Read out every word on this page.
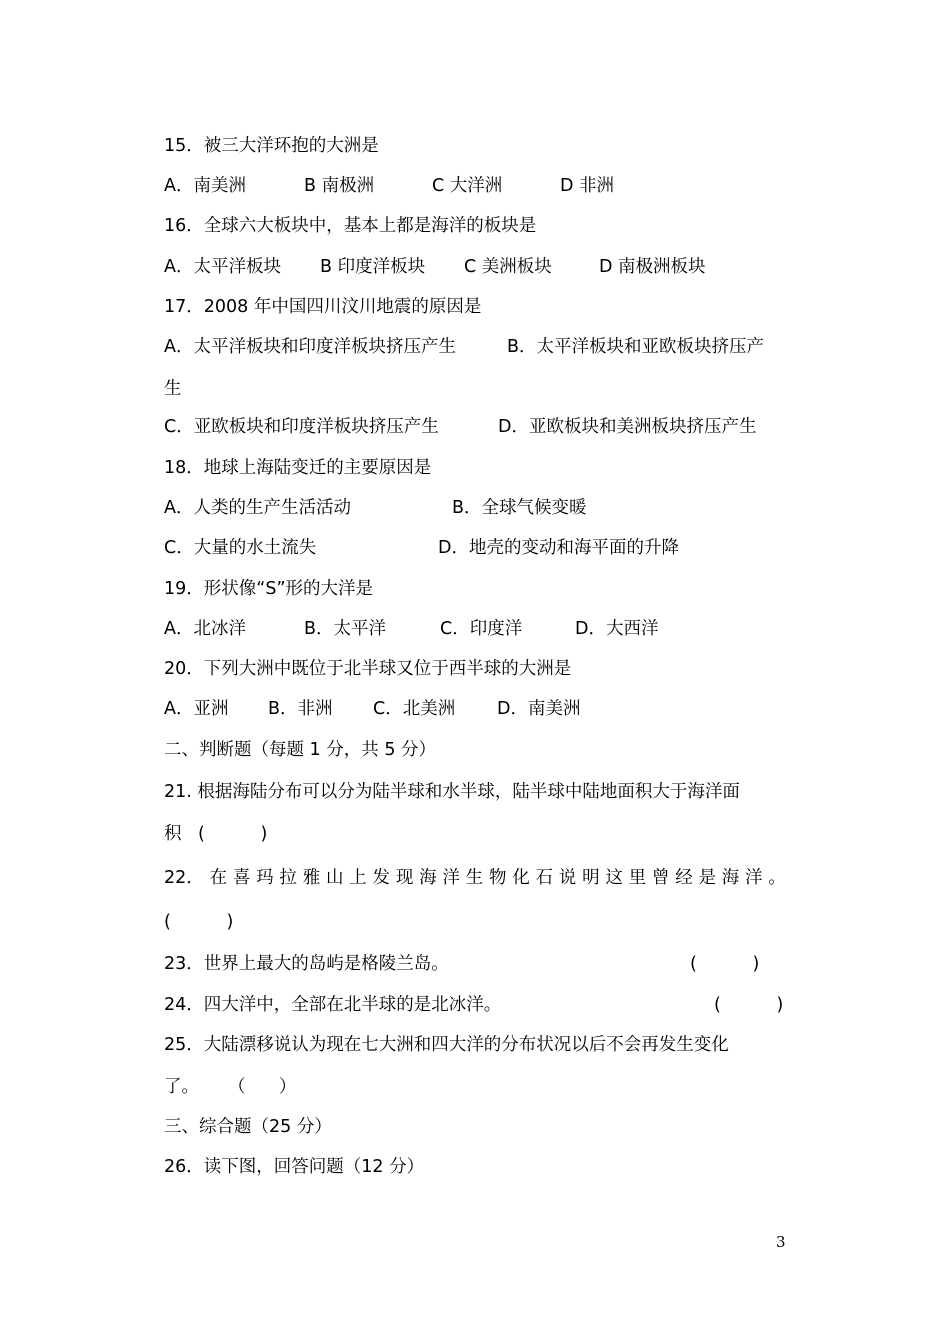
15．被三大洋环抱的大洲是
A．南美洲	B 南极洲	C 大洋洲	D 非洲
16．全球六大板块中，基本上都是海洋的板块是
A．太平洋板块 B 印度洋板块 C 美洲板块	D 南极洲板块
17．2008 年中国四川汶川地震的原因是
A．太平洋板块和印度洋板块挤压产生	B．太平洋板块和亚欧板块挤压产
生
C．亚欧板块和印度洋板块挤压产生	D．亚欧板块和美洲板块挤压产生
18．地球上海陆变迁的主要原因是
A．人类的生产生活活动	B．全球气候变暖
C．大量的水土流失	D．地壳的变动和海平面的升降
19．形状像“S”形的大洋是
A．北冰洋	B．太平洋	C．印度洋	D．大西洋
20．下列大洲中既位于北半球又位于西半球的大洲是
A．亚洲 B．非洲 C．北美洲 D．南美洲
二、判断题（每题 1 分，共 5 分）
21. 根据海陆分布可以分为陆半球和水半球，陆半球中陆地面积大于海洋面
积 (          )
22． 在 喜 玛 拉 雅 山 上 发 现 海 洋 生 物 化 石 说 明 这 里 曾 经 是 海 洋 。
(          )
23．世界上最大的岛屿是格陵兰岛。	(          )
24．四大洋中，全部在北半球的是北冰洋。	(          )
25．大陆漂移说认为现在七大洲和四大洋的分布状况以后不会再发生变化
了。 （      ）
三、综合题（25 分）
26．读下图，回答问题（12 分）
3
